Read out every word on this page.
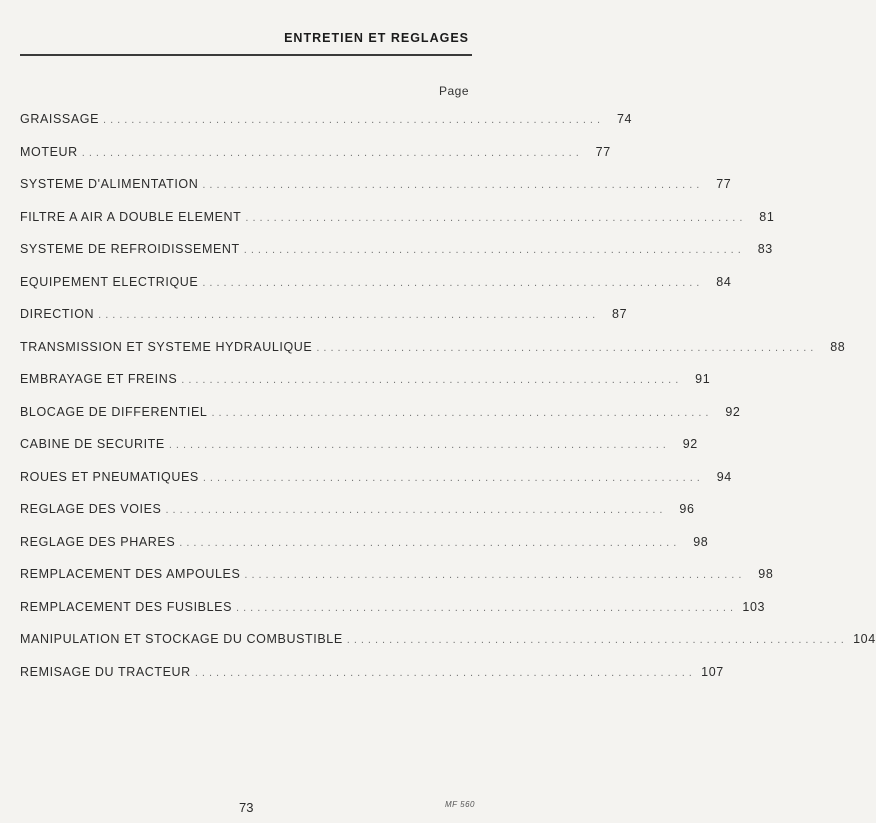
ENTRETIEN ET REGLAGES
Page
GRAISSAGE .......................................................................	74
MOTEUR .......................................................................	77
SYSTEME D'ALIMENTATION .......................................................................	77
FILTRE A AIR A DOUBLE ELEMENT .......................................................................	81
SYSTEME DE REFROIDISSEMENT .......................................................................	83
EQUIPEMENT ELECTRIQUE .......................................................................	84
DIRECTION .......................................................................	87
TRANSMISSION ET SYSTEME HYDRAULIQUE .......................................................................	88
EMBRAYAGE ET FREINS .......................................................................	91
BLOCAGE DE DIFFERENTIEL .......................................................................	92
CABINE DE SECURITE .......................................................................	92
ROUES ET PNEUMATIQUES .......................................................................	94
REGLAGE DES VOIES .......................................................................	96
REGLAGE DES PHARES .......................................................................	98
REMPLACEMENT DES AMPOULES .......................................................................	98
REMPLACEMENT DES FUSIBLES ....................................................................... 103
MANIPULATION ET STOCKAGE DU COMBUSTIBLE ....................................................................... 104
REMISAGE DU TRACTEUR ....................................................................... 107
73	MF 560
